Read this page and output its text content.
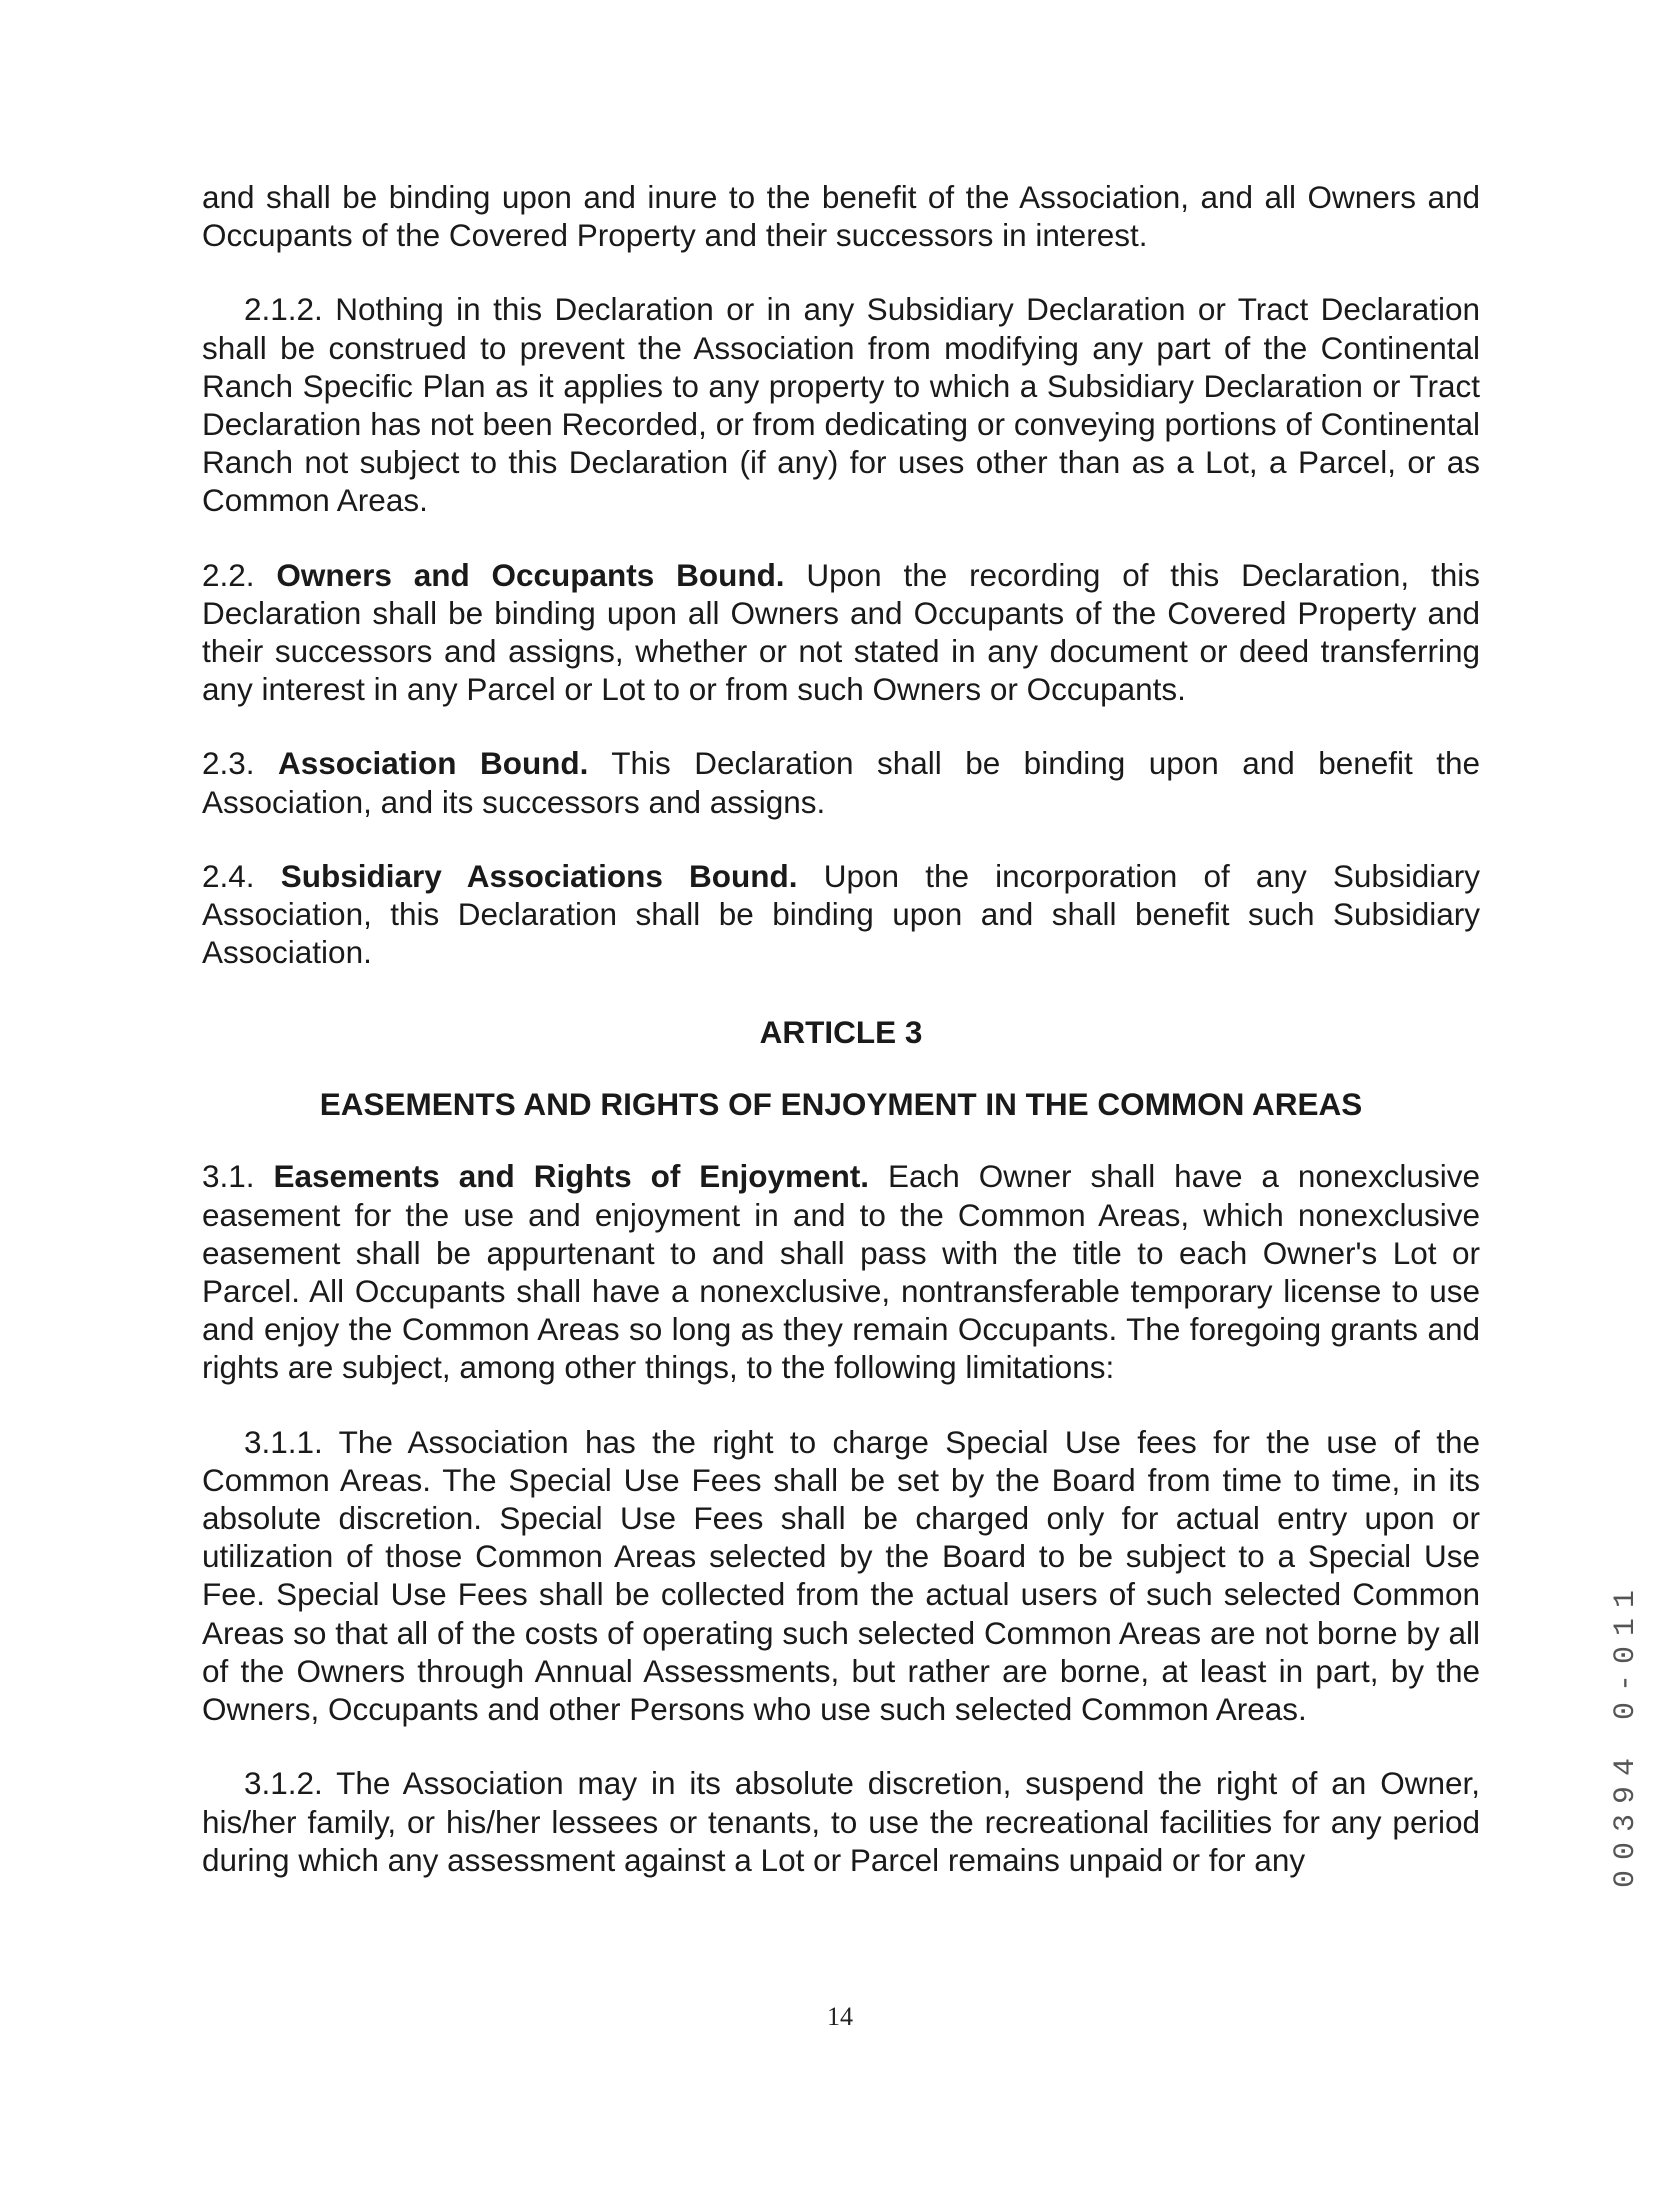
and shall be binding upon and inure to the benefit of the Association, and all Owners and Occupants of the Covered Property and their successors in interest.

2.1.2. Nothing in this Declaration or in any Subsidiary Declaration or Tract Declaration shall be construed to prevent the Association from modifying any part of the Continental Ranch Specific Plan as it applies to any property to which a Subsidiary Declaration or Tract Declaration has not been Recorded, or from dedicating or conveying portions of Continental Ranch not subject to this Declaration (if any) for uses other than as a Lot, a Parcel, or as Common Areas.

2.2. Owners and Occupants Bound. Upon the recording of this Declaration, this Declaration shall be binding upon all Owners and Occupants of the Covered Property and their successors and assigns, whether or not stated in any document or deed transferring any interest in any Parcel or Lot to or from such Owners or Occupants.

2.3. Association Bound. This Declaration shall be binding upon and benefit the Association, and its successors and assigns.

2.4. Subsidiary Associations Bound. Upon the incorporation of any Subsidiary Association, this Declaration shall be binding upon and shall benefit such Subsidiary Association.

ARTICLE 3

EASEMENTS AND RIGHTS OF ENJOYMENT IN THE COMMON AREAS

3.1. Easements and Rights of Enjoyment. Each Owner shall have a nonexclusive easement for the use and enjoyment in and to the Common Areas, which nonexclusive easement shall be appurtenant to and shall pass with the title to each Owner's Lot or Parcel. All Occupants shall have a nonexclusive, nontransferable temporary license to use and enjoy the Common Areas so long as they remain Occupants. The foregoing grants and rights are subject, among other things, to the following limitations:

3.1.1. The Association has the right to charge Special Use fees for the use of the Common Areas. The Special Use Fees shall be set by the Board from time to time, in its absolute discretion. Special Use Fees shall be charged only for actual entry upon or utilization of those Common Areas selected by the Board to be subject to a Special Use Fee. Special Use Fees shall be collected from the actual users of such selected Common Areas so that all of the costs of operating such selected Common Areas are not borne by all of the Owners through Annual Assessments, but rather are borne, at least in part, by the Owners, Occupants and other Persons who use such selected Common Areas.

3.1.2. The Association may in its absolute discretion, suspend the right of an Owner, his/her family, or his/her lessees or tenants, to use the recreational facilities for any period during which any assessment against a Lot or Parcel remains unpaid or for any	00394 0-011
14
